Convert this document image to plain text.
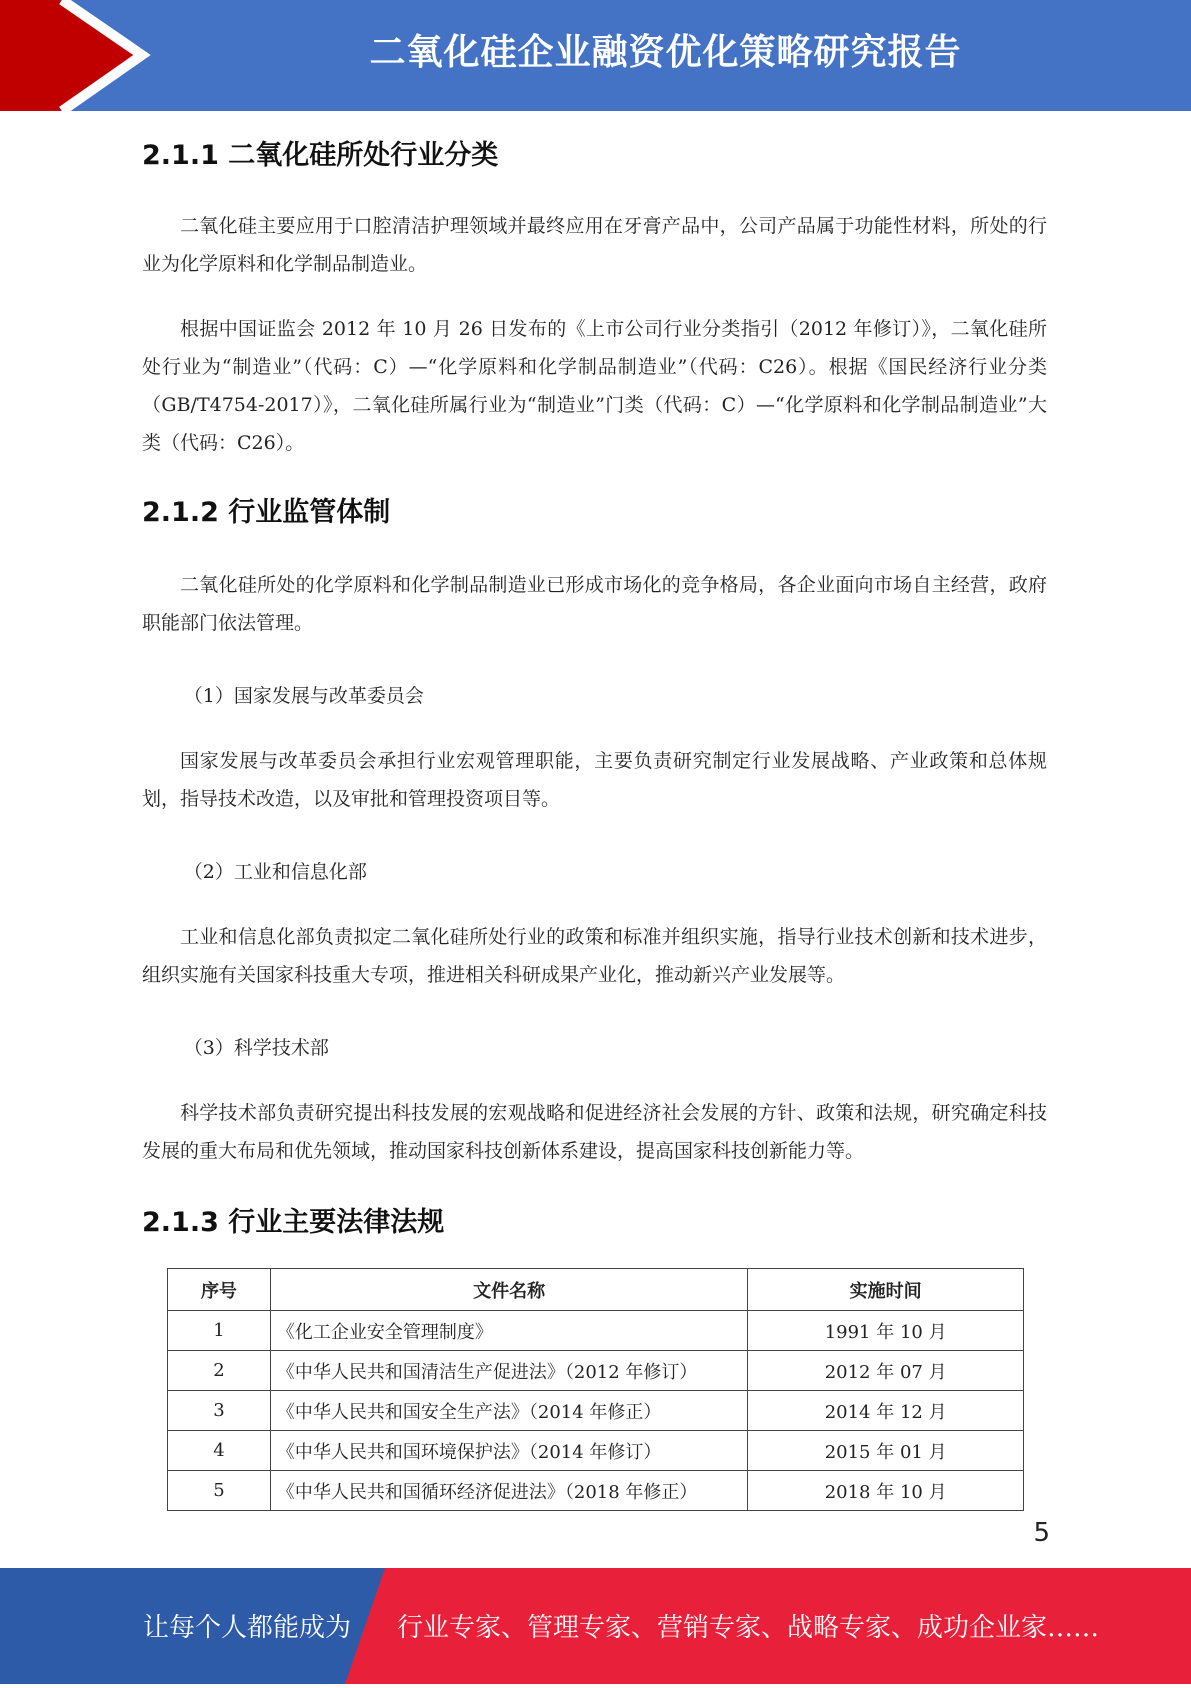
二氧化硅企业融资优化策略研究报告
2.1.1 二氧化硅所处行业分类

二氧化硅主要应用于口腔清洁护理领域并最终应用在牙膏产品中，公司产品属于功能性材料，所处的行业为化学原料和化学制品制造业。

根据中国证监会 2012 年 10 月 26 日发布的《上市公司行业分类指引（2012 年修订）》，二氧化硅所处行业为“制造业”（代码：C）—“化学原料和化学制品制造业”（代码：C26）。根据《国民经济行业分类（GB/T4754-2017）》，二氧化硅所属行业为“制造业”门类（代码：C）—“化学原料和化学制品制造业”大类（代码：C26）。

2.1.2 行业监管体制

二氧化硅所处的化学原料和化学制品制造业已形成市场化的竞争格局，各企业面向市场自主经营，政府职能部门依法管理。

（1）国家发展与改革委员会

国家发展与改革委员会承担行业宏观管理职能，主要负责研究制定行业发展战略、产业政策和总体规划，指导技术改造，以及审批和管理投资项目等。

（2）工业和信息化部

工业和信息化部负责拟定二氧化硅所处行业的政策和标准并组织实施，指导行业技术创新和技术进步，组织实施有关国家科技重大专项，推进相关科研成果产业化，推动新兴产业发展等。

（3）科学技术部

科学技术部负责研究提出科技发展的宏观战略和促进经济社会发展的方针、政策和法规，研究确定科技发展的重大布局和优先领域，推动国家科技创新体系建设，提高国家科技创新能力等。

2.1.3 行业主要法律法规
序号	文件名称	实施时间
1	《化工企业安全管理制度》	1991 年 10 月
2	《中华人民共和国清洁生产促进法》（2012 年修订）	2012 年 07 月
3	《中华人民共和国安全生产法》（2014 年修正）	2014 年 12 月
4	《中华人民共和国环境保护法》（2014 年修订）	2015 年 01 月
5	《中华人民共和国循环经济促进法》（2018 年修正）	2018 年 10 月
5
让每个人都能成为 行业专家、管理专家、营销专家、战略专家、成功企业家……
